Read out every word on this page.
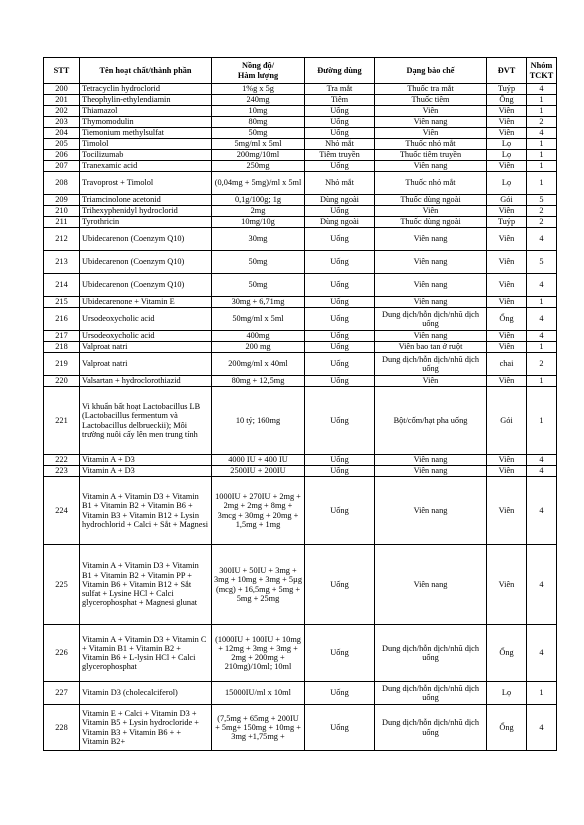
STT	Tên hoạt chất/thành phần	Nồng độ/
Hàm lượng	Đường dùng	Dạng bào chế	ĐVT	Nhóm TCKT
200	Tetracyclin hydroclorid	1%g x 5g	Tra mắt	Thuốc tra mắt	Tuýp	4
201	Theophylin-ethylendiamin	240mg	Tiêm	Thuốc tiêm	Ống	1
202	Thiamazol	10mg	Uống	Viên	Viên	1
203	Thymomodulin	80mg	Uống	Viên nang	Viên	2
204	Tiemonium methylsulfat	50mg	Uống	Viên	Viên	4
205	Timolol	5mg/ml x 5ml	Nhỏ mắt	Thuốc nhỏ mắt	Lọ	1
206	Tocilizumab	200mg/10ml	Tiêm truyền	Thuốc tiêm truyền	Lọ	1
207	Tranexamic acid	250mg	Uống	Viên nang	Viên	1
208	Travoprost + Timolol	(0,04mg + 5mg)/ml x 5ml	Nhỏ mắt	Thuốc nhỏ mắt	Lọ	1
209	Triamcinolone acetonid	0,1g/100g; 1g	Dùng ngoài	Thuốc dùng ngoài	Gói	5
210	Trihexyphenidyl hydroclorid	2mg	Uống	Viên	Viên	2
211	Tyrothricin	10mg/10g	Dùng ngoài	Thuốc dùng ngoài	Tuýp	2
212	Ubidecarenon (Coenzym Q10)	30mg	Uống	Viên nang	Viên	4
213	Ubidecarenon (Coenzym Q10)	50mg	Uống	Viên nang	Viên	5
214	Ubidecarenon (Coenzym Q10)	50mg	Uống	Viên nang	Viên	4
215	Ubidecarenone + Vitamin E	30mg + 6,71mg	Uống	Viên nang	Viên	1
216	Ursodeoxycholic acid	50mg/ml x 5ml	Uống	Dung dịch/hỗn dịch/nhũ dịch uống	Ống	4
217	Ursodeoxycholic acid	400mg	Uống	Viên nang	Viên	4
218	Valproat natri	200 mg	Uống	Viên bao tan ở ruột	Viên	1
219	Valproat natri	200mg/ml x 40ml	Uống	Dung dịch/hỗn dịch/nhũ dịch uống	chai	2
220	Valsartan + hydroclorothiazid	80mg + 12,5mg	Uống	Viên	Viên	1
221	Vi khuẩn bất hoạt Lactobacillus LB (Lactobacillus fermentum và Lactobacillus delbrueckii); Môi trường nuôi cấy lên men trung tính	10 tỷ; 160mg	Uống	Bột/cốm/hạt pha uống	Gói	1
222	Vitamin A + D3	4000 IU + 400 IU	Uống	Viên nang	Viên	4
223	Vitamin A + D3	2500IU + 200IU	Uống	Viên nang	Viên	4
224	Vitamin A + Vitamin D3 + Vitamin B1 + Vitamin B2 + Vitamin B6 + Vitamin B3 + Vitamin B12 + Lysin hydrochlorid + Calci + Sắt + Magnesi	1000IU + 270IU + 2mg + 2mg + 2mg + 8mg + 3mcg + 30mg + 20mg + 1,5mg + 1mg	Uống	Viên nang	Viên	4
225	Vitamin A + Vitamin D3 + Vitamin B1 + Vitamin B2 + Vitamin PP + Vitamin B6 + Vitamin B12 + Sắt sulfat + Lysine HCl + Calci glycerophosphat + Magnesi glunat	300IU + 50IU + 3mg + 3mg + 10mg + 3mg + 5µg (mcg) + 16,5mg + 5mg + 5mg + 25mg	Uống	Viên nang	Viên	4
226	Vitamin A + Vitamin D3 + Vitamin C + Vitamin B1 + Vitamin B2 + Vitamin B6 + L-lysin HCl + Calci glycerophosphat	(1000IU + 100IU + 10mg + 12mg + 3mg + 3mg + 2mg + 200mg + 210mg)/10ml; 10ml	Uống	Dung dịch/hỗn dịch/nhũ dịch uống	Ống	4
227	Vitamin D3 (cholecalciferol)	15000IU/ml x 10ml	Uống	Dung dịch/hỗn dịch/nhũ dịch uống	Lọ	1
228	Vitamin E + Calci + Vitamin D3 + Vitamin B5 + Lysin hydrocloride + Vitamin B3 + Vitamin B6 + + Vitamin B2+	(7,5mg + 65mg + 200IU + 5mg+ 150mg + 10mg + 3mg +1,75mg +	Uống	Dung dịch/hỗn dịch/nhũ dịch uống	Ống	4
